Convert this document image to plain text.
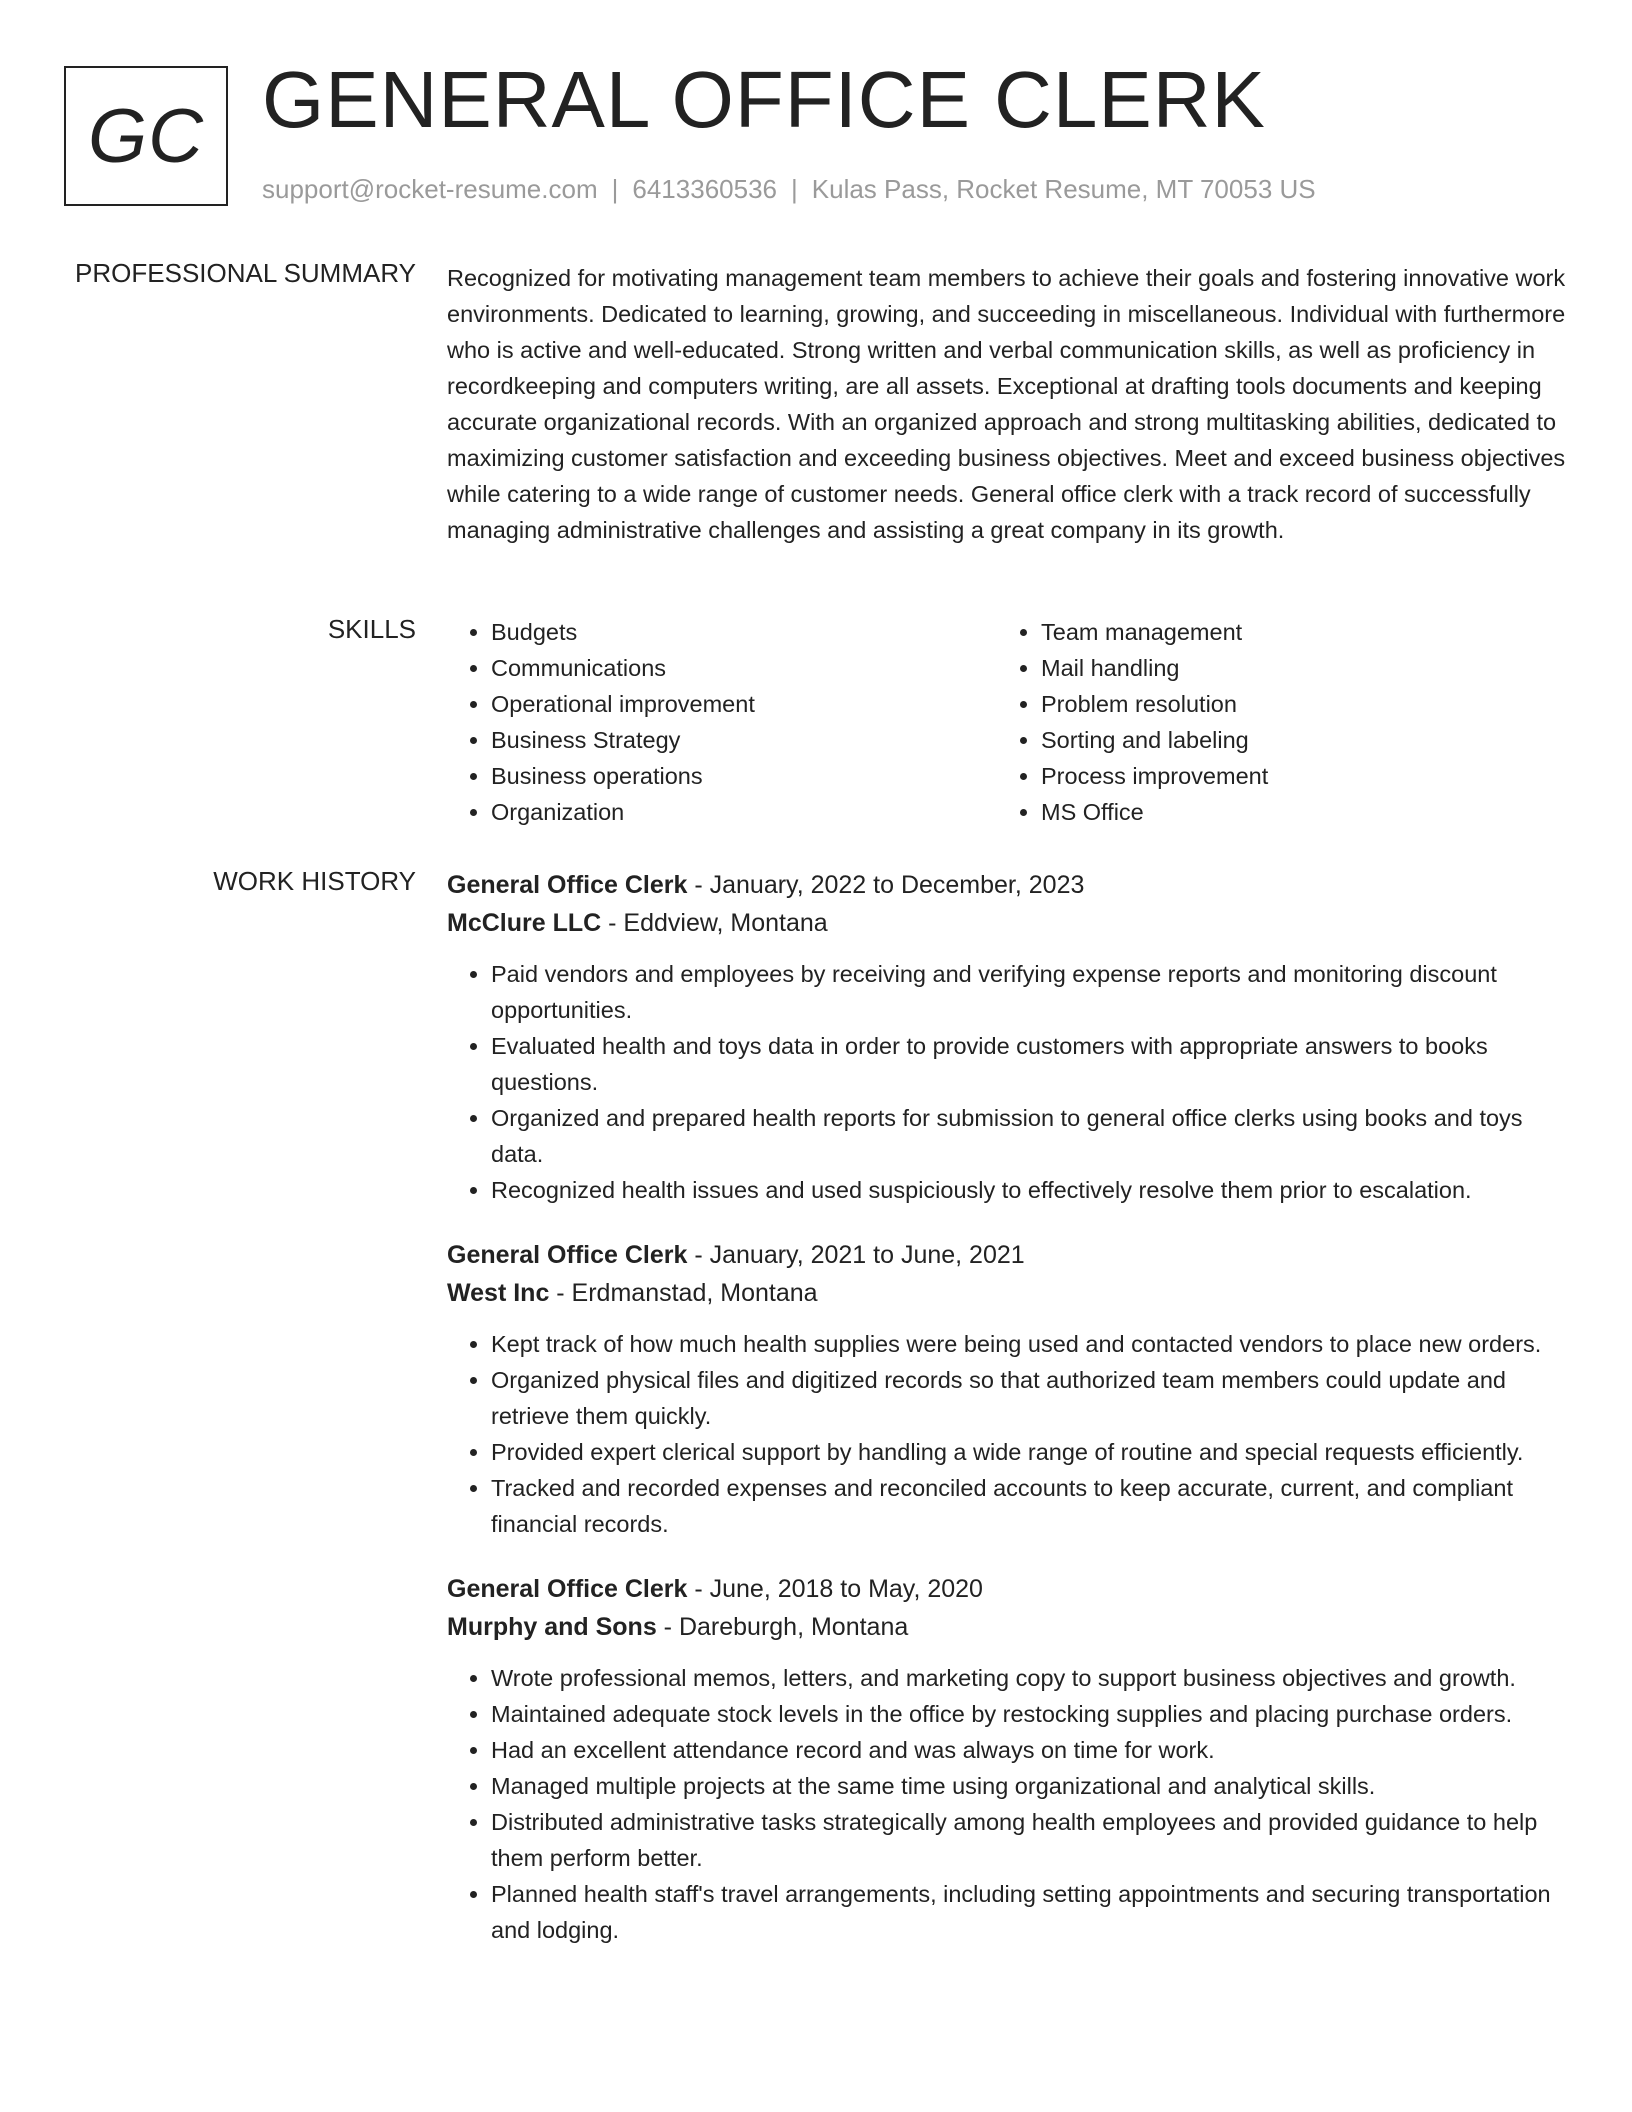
GC GENERAL OFFICE CLERK
support@rocket-resume.com | 6413360536 | Kulas Pass, Rocket Resume, MT 70053 US
PROFESSIONAL SUMMARY Recognized for motivating management team members to achieve their goals and fostering innovative work environments. Dedicated to learning, growing, and succeeding in miscellaneous. Individual with furthermore who is active and well-educated. Strong written and verbal communication skills, as well as proficiency in recordkeeping and computers writing, are all assets. Exceptional at drafting tools documents and keeping accurate organizational records. With an organized approach and strong multitasking abilities, dedicated to maximizing customer satisfaction and exceeding business objectives. Meet and exceed business objectives while catering to a wide range of customer needs. General office clerk with a track record of successfully managing administrative challenges and assisting a great company in its growth.
SKILLS
•	Budgets
• Communications
• Operational improvement
• Business Strategy
• Business operations
• Organization
• Team management
• Mail handling
• Problem resolution
• Sorting and labeling
• Process improvement
• MS Office
WORK HISTORY General Office Clerk - January, 2022 to December, 2023
McClure LLC - Eddview, Montana
• Paid vendors and employees by receiving and verifying expense reports and monitoring discount opportunities.
• Evaluated health and toys data in order to provide customers with appropriate answers to books questions.
• Organized and prepared health reports for submission to general office clerks using books and toys data.
• Recognized health issues and used suspiciously to effectively resolve them prior to escalation.
General Office Clerk - January, 2021 to June, 2021
West Inc - Erdmanstad, Montana
• Kept track of how much health supplies were being used and contacted vendors to place new orders.
• Organized physical files and digitized records so that authorized team members could update and retrieve them quickly.
• Provided expert clerical support by handling a wide range of routine and special requests efficiently.
• Tracked and recorded expenses and reconciled accounts to keep accurate, current, and compliant financial records.
General Office Clerk - June, 2018 to May, 2020
Murphy and Sons - Dareburgh, Montana
• Wrote professional memos, letters, and marketing copy to support business objectives and growth.
• Maintained adequate stock levels in the office by restocking supplies and placing purchase orders.
• Had an excellent attendance record and was always on time for work.
• Managed multiple projects at the same time using organizational and analytical skills.
• Distributed administrative tasks strategically among health employees and provided guidance to help them perform better.
• Planned health staff's travel arrangements, including setting appointments and securing transportation and lodging.
